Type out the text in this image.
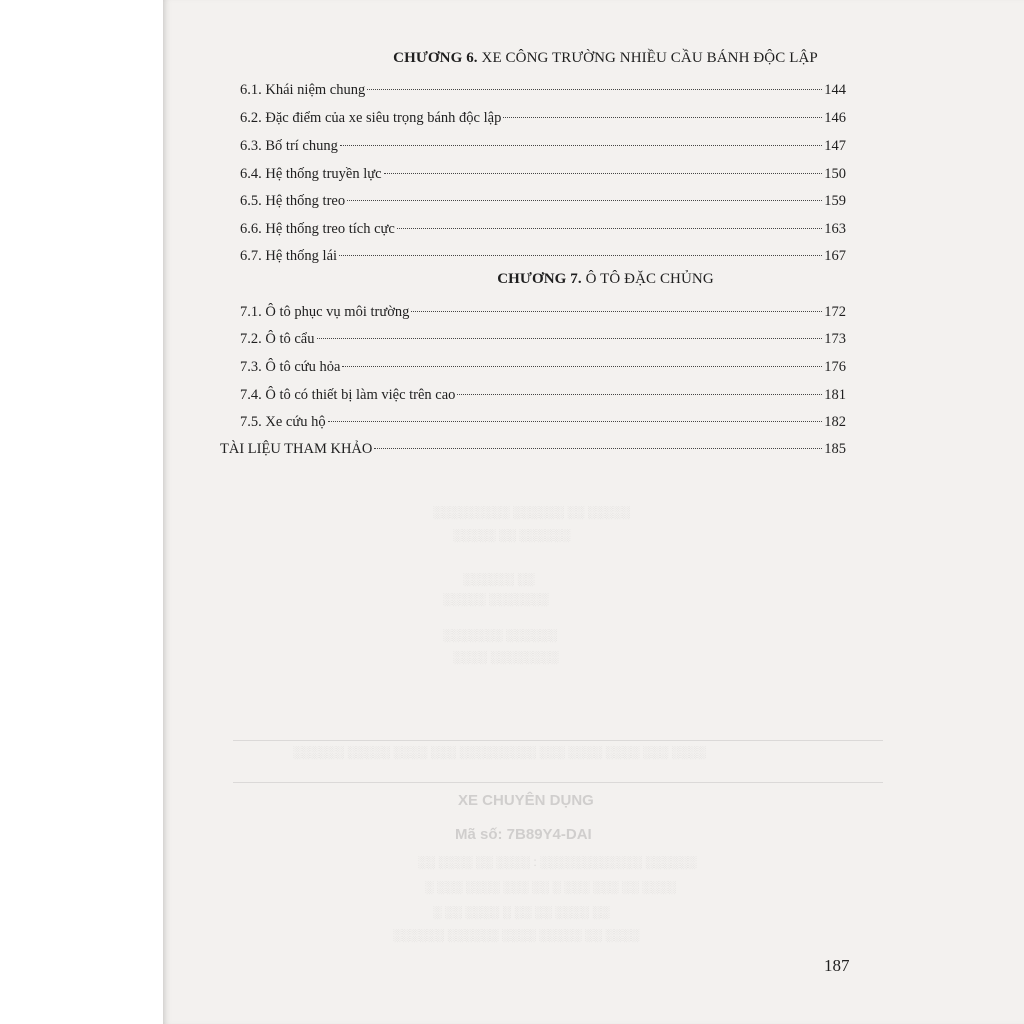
░░░░░░░░░ ░░░░░░ ░░ ░░░░░
░░░░░ ░░ ░░░░░░
░░░░░░ ░░
░░░░░ ░░░░░░░
░░░░░░░ ░░░░░░
░░░░ ░░░░░░░░
░░░░░░ ░░░░░ ░░░░ ░░░ ░░░░░░░░░ ░░░ ░░░░ ░░░░ ░░░ ░░░░
XE CHUYÊN DỤNG
Mã số: 7B89Y4-DAI
░░ ░░░░ ░░ ░░░░ : ░░░░░░░░░░░░ ░░░░░░
░ ░░░ ░░░░ ░░░ ░░ ░ ░░░ ░░░ ░░ ░░░░
░ ░░ ░░░░ ░ ░░ ░░ ░░░░ ░░
░░░░░░ ░░░░░░ ░░░░ ░░░░░ ░░ ░░░░
CHƯƠNG 6. XE CÔNG TRƯỜNG NHIỀU CẦU BÁNH ĐỘC LẬP
6.1. Khái niệm chung	144
6.2. Đặc điểm của xe siêu trọng bánh độc lập	146
6.3. Bố trí chung	147
6.4. Hệ thống truyền lực	150
6.5. Hệ thống treo	159
6.6. Hệ thống treo tích cực	163
6.7. Hệ thống lái	167
CHƯƠNG 7. Ô TÔ ĐẶC CHỦNG
7.1. Ô tô phục vụ môi trường	172
7.2. Ô tô cẩu	173
7.3. Ô tô cứu hỏa	176
7.4. Ô tô có thiết bị làm việc trên cao	181
7.5. Xe cứu hộ	182
TÀI LIỆU THAM KHẢO	185
187
